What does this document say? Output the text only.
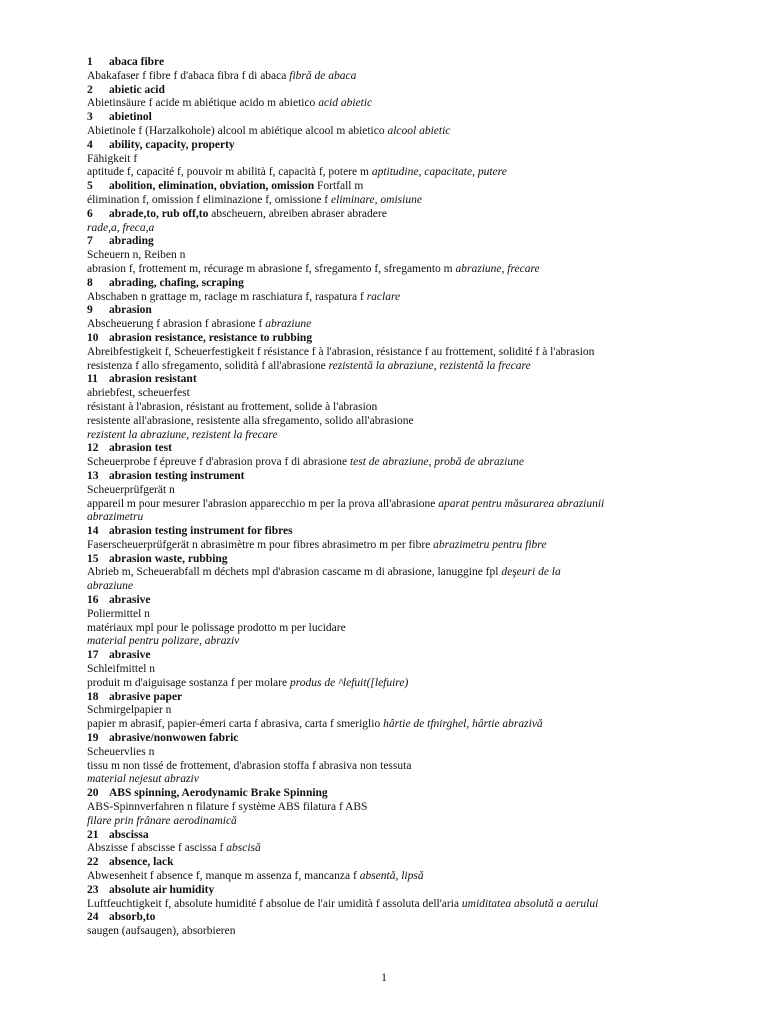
1 abaca fibre
Abakafaser f fibre f d'abaca fibra f di abaca fibră de abaca
2 abietic acid
Abietinsäure f acide m abiétique acido m abietico acid abietic
3 abietinol
Abietinole f (Harzalkohole) alcool m abiétique alcool m abietico alcool abietic
4 ability, capacity, property
Fähigkeit f
aptitude f, capacité f, pouvoir m abilità f, capacità f, potere m aptitudine, capacitate, putere
5 abolition, elimination, obviation, omission Fortfall m
élimination f, omission f eliminazione f, omissione f eliminare, omisiune
6 abrade,to, rub off,to abscheuern, abreiben abraser abradere
rade,a, freca,a
7 abrading
Scheuern n, Reiben n
abrasion f, frottement m, récurage m abrasione f, sfregamento f, sfregamento m abraziune, frecare
8 abrading, chafing, scraping
Abschaben n grattage m, raclage m raschiatura f, raspatura f raclare
9 abrasion
Abscheuerung f abrasion f abrasione f abraziune
10 abrasion resistance, resistance to rubbing
Abreibfestigkeit f, Scheuerfestigkeit f résistance f à l'abrasion, résistance f au frottement, solidité f à l'abrasion
resistenza f allo sfregamento, solidità f all'abrasione rezistentă la abraziune, rezistentă la frecare
11 abrasion resistant
abriebfest, scheuerfest
résistant à l'abrasion, résistant au frottement, solide à l'abrasion
resistente all'abrasione, resistente alla sfregamento, solido all'abrasione
rezistent la abraziune, rezistent la frecare
12 abrasion test
Scheuerprobe f épreuve f d'abrasion prova f di abrasione test de abraziune, probă de abraziune
13 abrasion testing instrument
Scheuerprüfgerät n
appareil m pour mesurer l'abrasion apparecchio m per la prova all'abrasione aparat pentru măsurarea abraziunii
abrazimetru
14 abrasion testing instrument for fibres
Faserscheuerprüfgerät n abrasimètre m pour fibres abrasimetro m per fibre abrazimetru pentru fibre
15 abrasion waste, rubbing
Abrieb m, Scheuerabfall m déchets mpl d'abrasion cascame m di abrasione, lanuggine fpl deşeuri de la
abraziune
16 abrasive
Poliermittel n
matériaux mpl pour le polissage prodotto m per lucidare
material pentru polizare, abraziv
17 abrasive
Schleifmittel n
produit m d'aiguisage sostanza f per molare produs de ^lefuit([lefuire)
18 abrasive paper
Schmirgelpapier n
papier m abrasif, papier-émeri carta f abrasiva, carta f smeriglio hârtie de tfnirghel, hârtie abrazivă
19 abrasive/nonwowen fabric
Scheuervlies n
tissu m non tissé de frottement, d'abrasion stoffa f abrasiva non tessuta
material nejesut abraziv
20 ABS spinning, Aerodynamic Brake Spinning
ABS-Spinnverfahren n filature f système ABS filatura f ABS
filare prin frânare aerodinamică
21 abscissa
Abszisse f abscisse f ascissa f abscisă
22 absence, lack
Abwesenheit f absence f, manque m assenza f, mancanza f absentă, lipsă
23 absolute air humidity
Luftfeuchtigkeit f, absolute humidité f absolue de l'air umidità f assoluta dell'aria umiditatea absolută a aerului
24 absorb,to
saugen (aufsaugen), absorbieren
1
